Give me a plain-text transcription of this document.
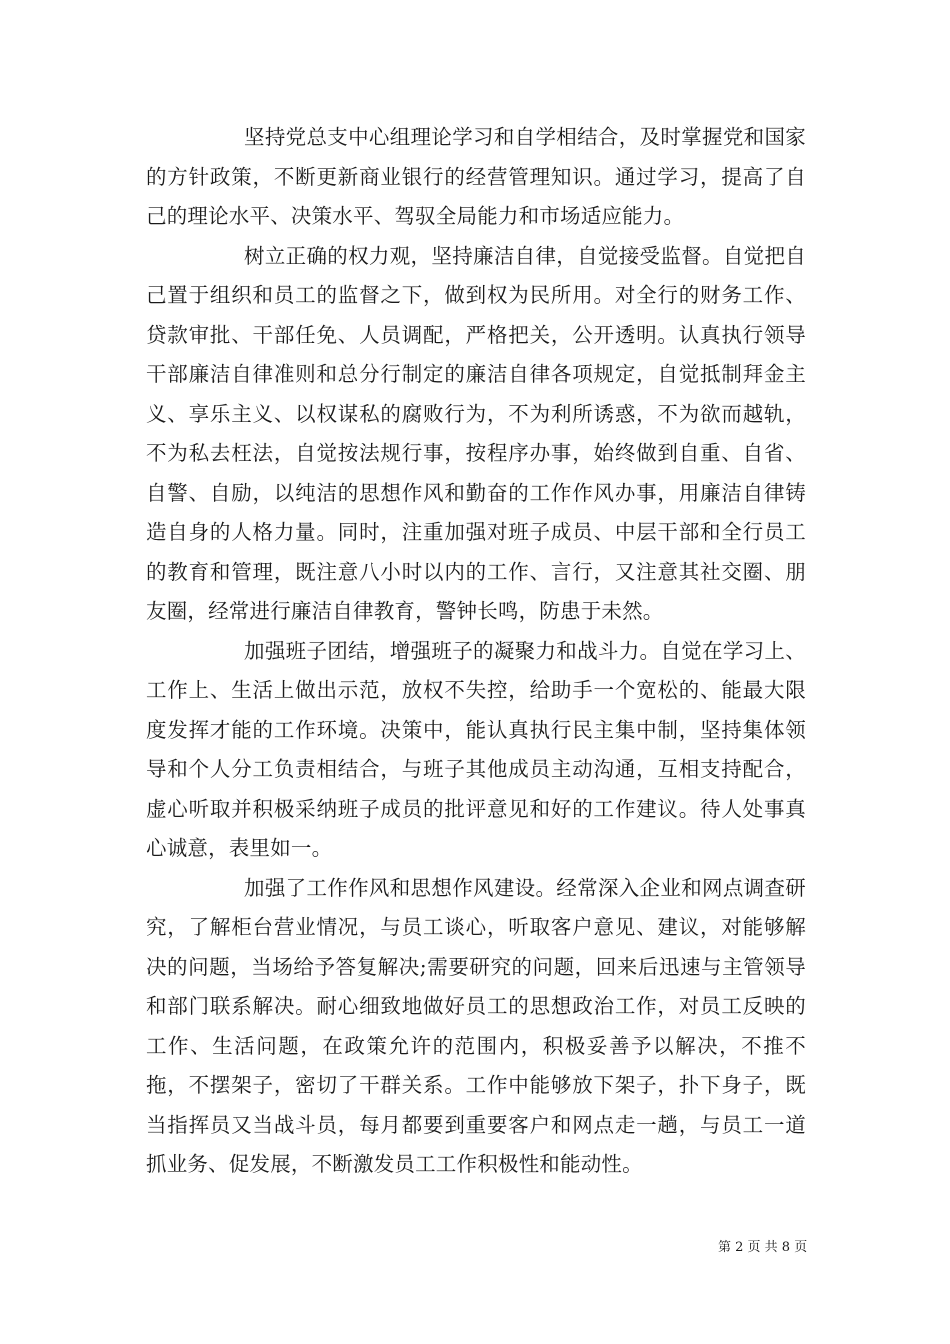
坚持党总支中心组理论学习和自学相结合，及时掌握党和国家的方针政策，不断更新商业银行的经营管理知识。通过学习，提高了自己的理论水平、决策水平、驾驭全局能力和市场适应能力。

树立正确的权力观，坚持廉洁自律，自觉接受监督。自觉把自己置于组织和员工的监督之下，做到权为民所用。对全行的财务工作、贷款审批、干部任免、人员调配，严格把关，公开透明。认真执行领导干部廉洁自律准则和总分行制定的廉洁自律各项规定，自觉抵制拜金主义、享乐主义、以权谋私的腐败行为，不为利所诱惑，不为欲而越轨，不为私去枉法，自觉按法规行事，按程序办事，始终做到自重、自省、自警、自励，以纯洁的思想作风和勤奋的工作作风办事，用廉洁自律铸造自身的人格力量。同时，注重加强对班子成员、中层干部和全行员工的教育和管理，既注意八小时以内的工作、言行，又注意其社交圈、朋友圈，经常进行廉洁自律教育，警钟长鸣，防患于未然。

加强班子团结，增强班子的凝聚力和战斗力。自觉在学习上、工作上、生活上做出示范，放权不失控，给助手一个宽松的、能最大限度发挥才能的工作环境。决策中，能认真执行民主集中制，坚持集体领导和个人分工负责相结合，与班子其他成员主动沟通，互相支持配合，虚心听取并积极采纳班子成员的批评意见和好的工作建议。待人处事真心诚意，表里如一。

加强了工作作风和思想作风建设。经常深入企业和网点调查研究，了解柜台营业情况，与员工谈心，听取客户意见、建议，对能够解决的问题，当场给予答复解决;需要研究的问题，回来后迅速与主管领导和部门联系解决。耐心细致地做好员工的思想政治工作，对员工反映的工作、生活问题，在政策允许的范围内，积极妥善予以解决，不推不拖，不摆架子，密切了干群关系。工作中能够放下架子，扑下身子，既当指挥员又当战斗员，每月都要到重要客户和网点走一趟，与员工一道抓业务、促发展，不断激发员工工作积极性和能动性。

第 2 页 共 8 页
